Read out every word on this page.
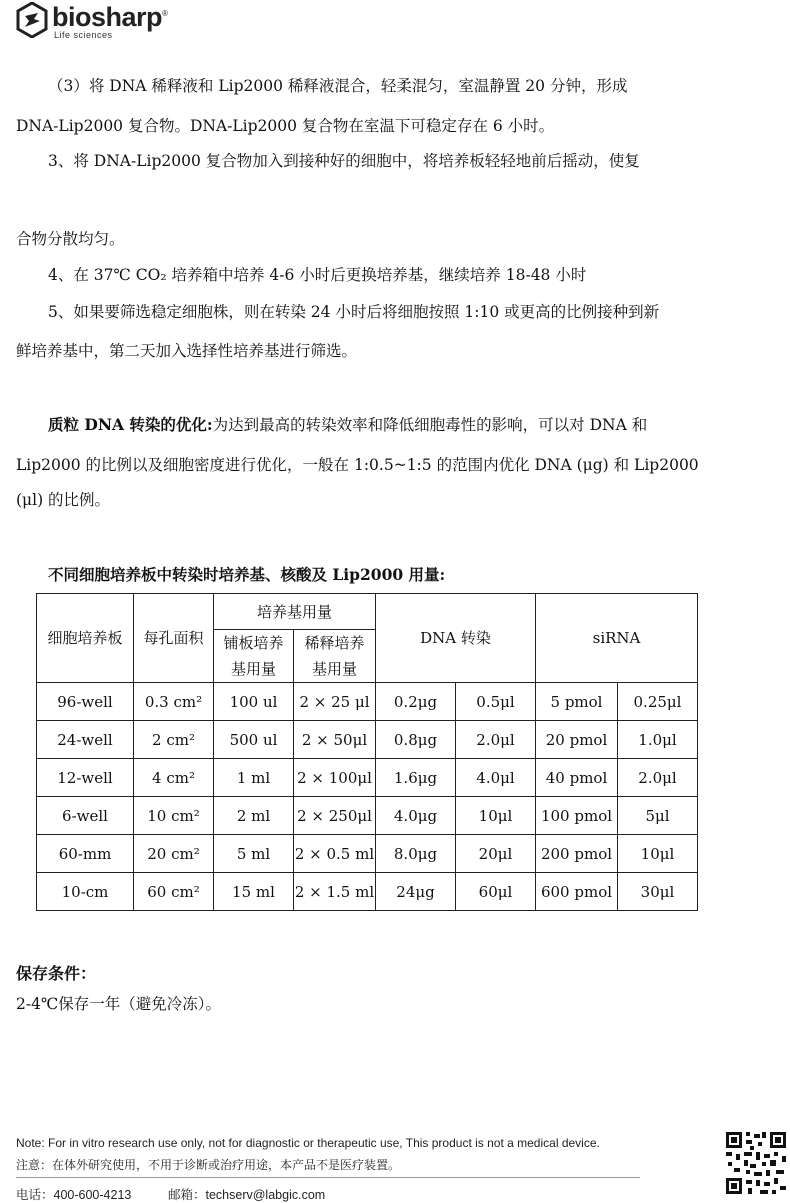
biosharp®
Life sciences
（3）将 DNA 稀释液和 Lip2000 稀释液混合，轻柔混匀，室温静置 20 分钟，形成
DNA-Lip2000 复合物。DNA-Lip2000 复合物在室温下可稳定存在 6 小时。
3、将 DNA-Lip2000 复合物加入到接种好的细胞中，将培养板轻轻地前后摇动，使复
合物分散均匀。
4、在 37℃ CO₂ 培养箱中培养 4-6 小时后更换培养基，继续培养 18-48 小时
5、如果要筛选稳定细胞株，则在转染 24 小时后将细胞按照 1:10 或更高的比例接种到新
鲜培养基中，第二天加入选择性培养基进行筛选。
质粒 DNA 转染的优化:为达到最高的转染效率和降低细胞毒性的影响，可以对 DNA 和
Lip2000 的比例以及细胞密度进行优化，一般在 1:0.5~1:5 的范围内优化 DNA (μg) 和 Lip2000
(μl) 的比例。
不同细胞培养板中转染时培养基、核酸及 Lip2000 用量:
细胞培养板	每孔面积	培养基用量		DNA 转染		siRNA	
		铺板培养基用量	稀释培养基用量				
96-well	0.3 cm²	100 ul	2 × 25 μl	0.2μg	0.5μl	5 pmol	0.25μl
24-well	2 cm²	500 ul	2 × 50μl	0.8μg	2.0μl	20 pmol	1.0μl
12-well	4 cm²	1 ml	2 × 100μl	1.6μg	4.0μl	40 pmol	2.0μl
6-well	10 cm²	2 ml	2 × 250μl	4.0μg	10μl	100 pmol	5μl
60-mm	20 cm²	5 ml	2 × 0.5 ml	8.0μg	20μl	200 pmol	10μl
10-cm	60 cm²	15 ml	2 × 1.5 ml	24μg	60μl	600 pmol	30μl
保存条件：
2-4℃保存一年（避免冷冻）。
Note: For in vitro research use only, not for diagnostic or therapeutic use, This product is not a medical device.
注意：在体外研究使用，不用于诊断或治疗用途，本产品不是医疗装置。
电话：400-600-4213	邮箱：techserv@labgic.com
